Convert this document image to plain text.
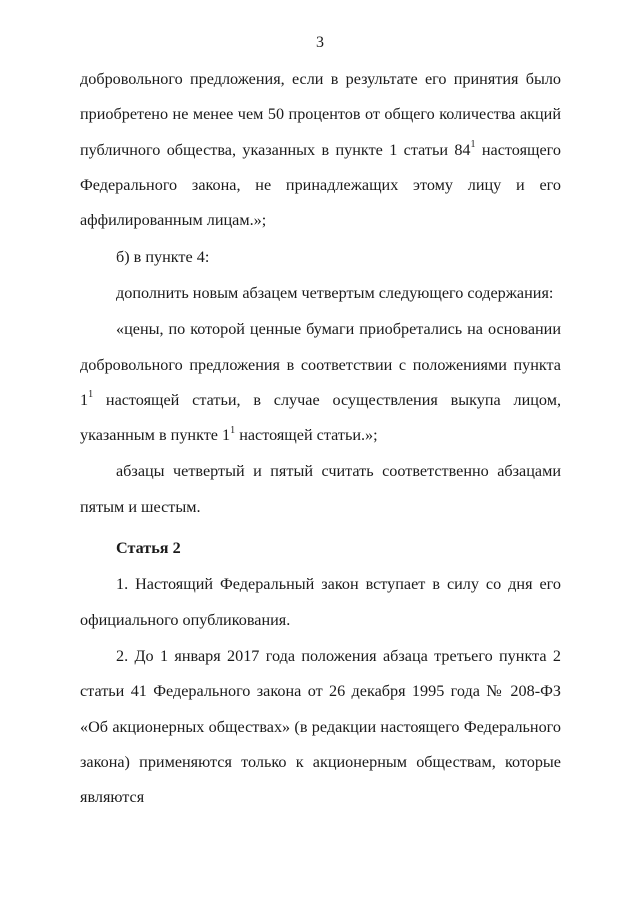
3

добровольного предложения, если в результате его принятия было
приобретено не менее чем 50 процентов от общего количества акций
публичного общества, указанных в пункте 1 статьи $84^1$ настоящего
Федерального закона, не принадлежащих этому лицу и его
аффилированным лицам.»;

б) в пункте 4:

дополнить новым абзацем четвертым следующего содержания:

«цены, по которой ценные бумаги приобретались на основании добровольного предложения в соответствии с положениями пункта $1^1$ настоящей статьи, в случае осуществления выкупа лицом, указанным в пункте $1^1$ настоящей статьи.»;

абзацы четвертый и пятый считать соответственно абзацами пятым и шестым.

Статья 2

1. Настоящий Федеральный закон вступает в силу со дня его официального опубликования.

2. До 1 января 2017 года положения абзаца третьего пункта 2 статьи 41 Федерального закона от 26 декабря 1995 года № 208-ФЗ «Об акционерных обществах» (в редакции настоящего Федерального закона) применяются только к акционерным обществам, которые являются
